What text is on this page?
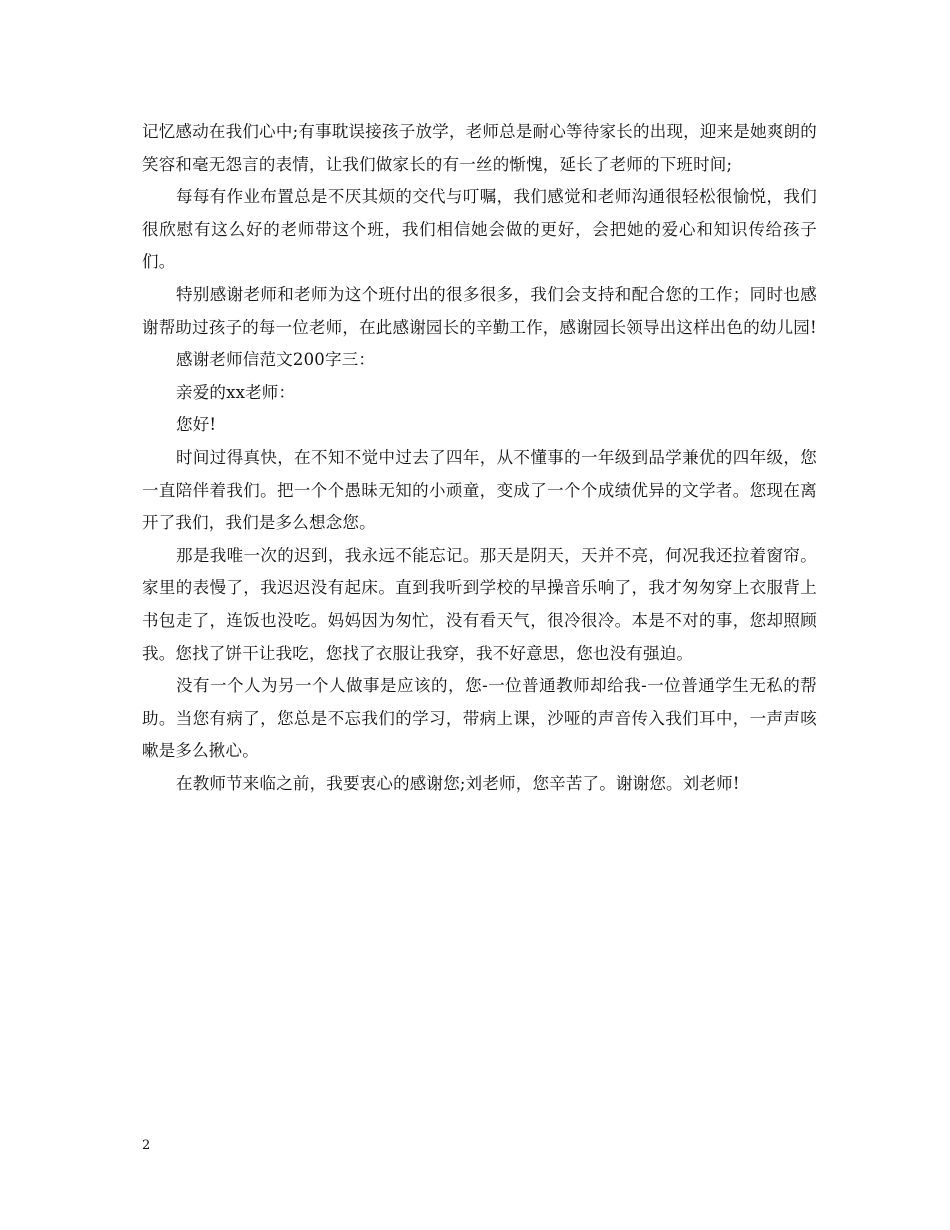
记忆感动在我们心中;有事耽误接孩子放学，老师总是耐心等待家长的出现，迎来是她爽朗的笑容和毫无怨言的表情，让我们做家长的有一丝的惭愧，延长了老师的下班时间;

每每有作业布置总是不厌其烦的交代与叮嘱，我们感觉和老师沟通很轻松很愉悦，我们很欣慰有这么好的老师带这个班，我们相信她会做的更好，会把她的爱心和知识传给孩子们。

特别感谢老师和老师为这个班付出的很多很多，我们会支持和配合您的工作；同时也感谢帮助过孩子的每一位老师，在此感谢园长的辛勤工作，感谢园长领导出这样出色的幼儿园!

感谢老师信范文200字三：

亲爱的xx老师：

您好!

时间过得真快，在不知不觉中过去了四年，从不懂事的一年级到品学兼优的四年级，您一直陪伴着我们。把一个个愚昧无知的小顽童，变成了一个个成绩优异的文学者。您现在离开了我们，我们是多么想念您。

那是我唯一次的迟到，我永远不能忘记。那天是阴天，天并不亮，何况我还拉着窗帘。家里的表慢了，我迟迟没有起床。直到我听到学校的早操音乐响了，我才匆匆穿上衣服背上书包走了，连饭也没吃。妈妈因为匆忙，没有看天气，很冷很冷。本是不对的事，您却照顾我。您找了饼干让我吃，您找了衣服让我穿，我不好意思，您也没有强迫。

没有一个人为另一个人做事是应该的，您-一位普通教师却给我-一位普通学生无私的帮助。当您有病了，您总是不忘我们的学习，带病上课，沙哑的声音传入我们耳中，一声声咳嗽是多么揪心。

在教师节来临之前，我要衷心的感谢您;刘老师，您辛苦了。谢谢您。刘老师!

2
